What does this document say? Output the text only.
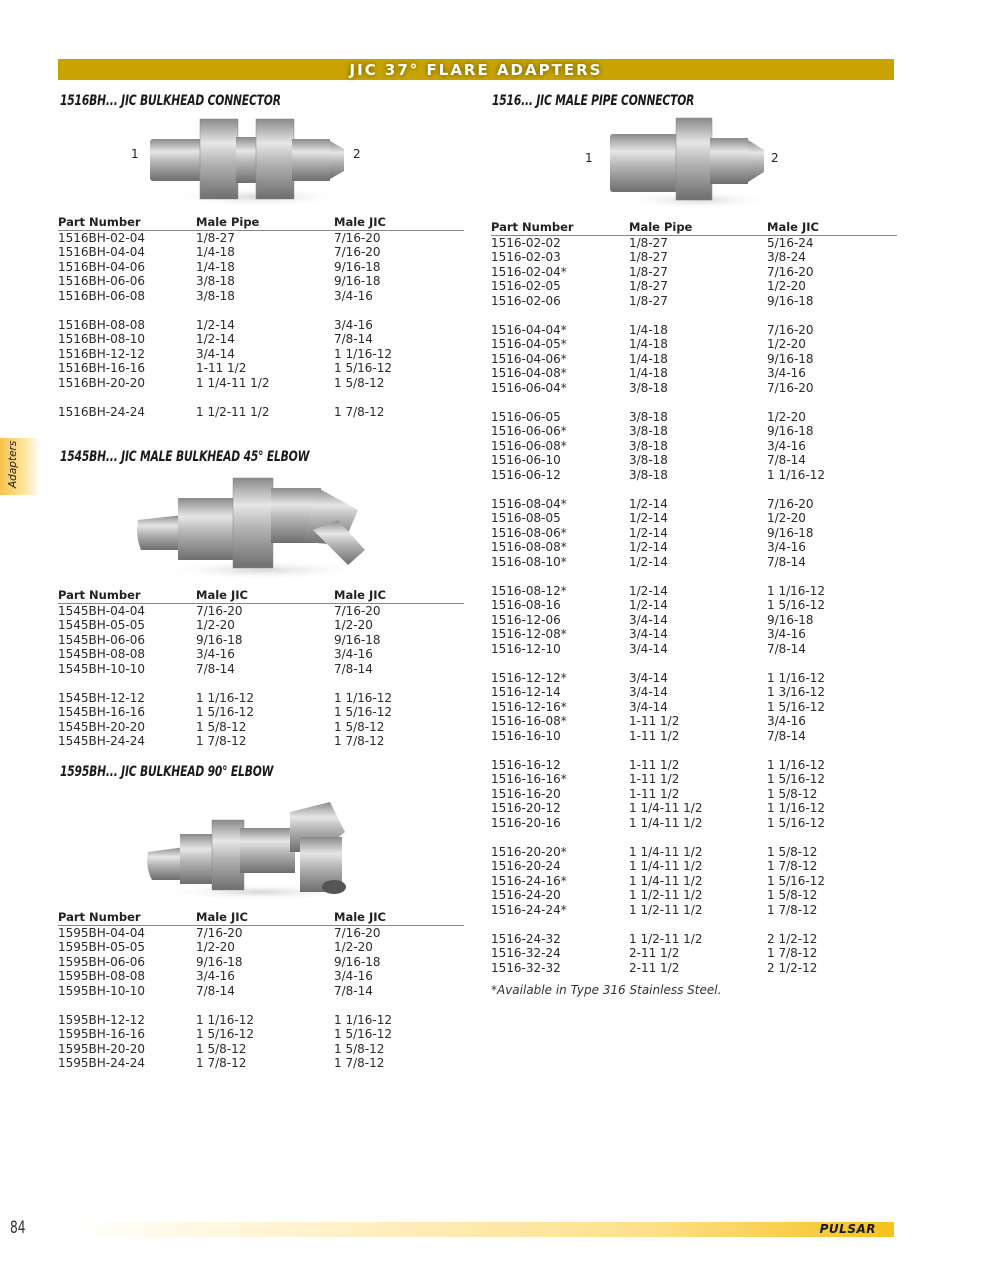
JIC 37° FLARE ADAPTERS
Adapters
1516BH... JIC BULKHEAD CONNECTOR
1	2
Part Number	Male Pipe	Male JIC
1516BH-02-04	1/8-27	7/16-20
1516BH-04-04	1/4-18	7/16-20
1516BH-04-06	1/4-18	9/16-18
1516BH-06-06	3/8-18	9/16-18
1516BH-06-08	3/8-18	3/4-16

1516BH-08-08	1/2-14	3/4-16
1516BH-08-10	1/2-14	7/8-14
1516BH-12-12	3/4-14	1 1/16-12
1516BH-16-16	1-11 1/2	1 5/16-12
1516BH-20-20	1 1/4-11 1/2	1 5/8-12

1516BH-24-24	1 1/2-11 1/2	1 7/8-12
1545BH... JIC MALE BULKHEAD 45° ELBOW
Part Number	Male JIC	Male JIC
1545BH-04-04	7/16-20	7/16-20
1545BH-05-05	1/2-20	1/2-20
1545BH-06-06	9/16-18	9/16-18
1545BH-08-08	3/4-16	3/4-16
1545BH-10-10	7/8-14	7/8-14

1545BH-12-12	1 1/16-12	1 1/16-12
1545BH-16-16	1 5/16-12	1 5/16-12
1545BH-20-20	1 5/8-12	1 5/8-12
1545BH-24-24	1 7/8-12	1 7/8-12
1595BH... JIC BULKHEAD 90° ELBOW
Part Number	Male JIC	Male JIC
1595BH-04-04	7/16-20	7/16-20
1595BH-05-05	1/2-20	1/2-20
1595BH-06-06	9/16-18	9/16-18
1595BH-08-08	3/4-16	3/4-16
1595BH-10-10	7/8-14	7/8-14

1595BH-12-12	1 1/16-12	1 1/16-12
1595BH-16-16	1 5/16-12	1 5/16-12
1595BH-20-20	1 5/8-12	1 5/8-12
1595BH-24-24	1 7/8-12	1 7/8-12
1516... JIC MALE PIPE CONNECTOR
1	2
Part Number	Male Pipe	Male JIC
1516-02-02	1/8-27	5/16-24
1516-02-03	1/8-27	3/8-24
1516-02-04*	1/8-27	7/16-20
1516-02-05	1/8-27	1/2-20
1516-02-06	1/8-27	9/16-18

1516-04-04*	1/4-18	7/16-20
1516-04-05*	1/4-18	1/2-20
1516-04-06*	1/4-18	9/16-18
1516-04-08*	1/4-18	3/4-16
1516-06-04*	3/8-18	7/16-20

1516-06-05	3/8-18	1/2-20
1516-06-06*	3/8-18	9/16-18
1516-06-08*	3/8-18	3/4-16
1516-06-10	3/8-18	7/8-14
1516-06-12	3/8-18	1 1/16-12

1516-08-04*	1/2-14	7/16-20
1516-08-05	1/2-14	1/2-20
1516-08-06*	1/2-14	9/16-18
1516-08-08*	1/2-14	3/4-16
1516-08-10*	1/2-14	7/8-14

1516-08-12*	1/2-14	1 1/16-12
1516-08-16	1/2-14	1 5/16-12
1516-12-06	3/4-14	9/16-18
1516-12-08*	3/4-14	3/4-16
1516-12-10	3/4-14	7/8-14

1516-12-12*	3/4-14	1 1/16-12
1516-12-14	3/4-14	1 3/16-12
1516-12-16*	3/4-14	1 5/16-12
1516-16-08*	1-11 1/2	3/4-16
1516-16-10	1-11 1/2	7/8-14

1516-16-12	1-11 1/2	1 1/16-12
1516-16-16*	1-11 1/2	1 5/16-12
1516-16-20	1-11 1/2	1 5/8-12
1516-20-12	1 1/4-11 1/2	1 1/16-12
1516-20-16	1 1/4-11 1/2	1 5/16-12

1516-20-20*	1 1/4-11 1/2	1 5/8-12
1516-20-24	1 1/4-11 1/2	1 7/8-12
1516-24-16*	1 1/4-11 1/2	1 5/16-12
1516-24-20	1 1/2-11 1/2	1 5/8-12
1516-24-24*	1 1/2-11 1/2	1 7/8-12

1516-24-32	1 1/2-11 1/2	2 1/2-12
1516-32-24	2-11 1/2	1 7/8-12
1516-32-32	2-11 1/2	2 1/2-12
*Available in Type 316 Stainless Steel.
84	PULSAR
